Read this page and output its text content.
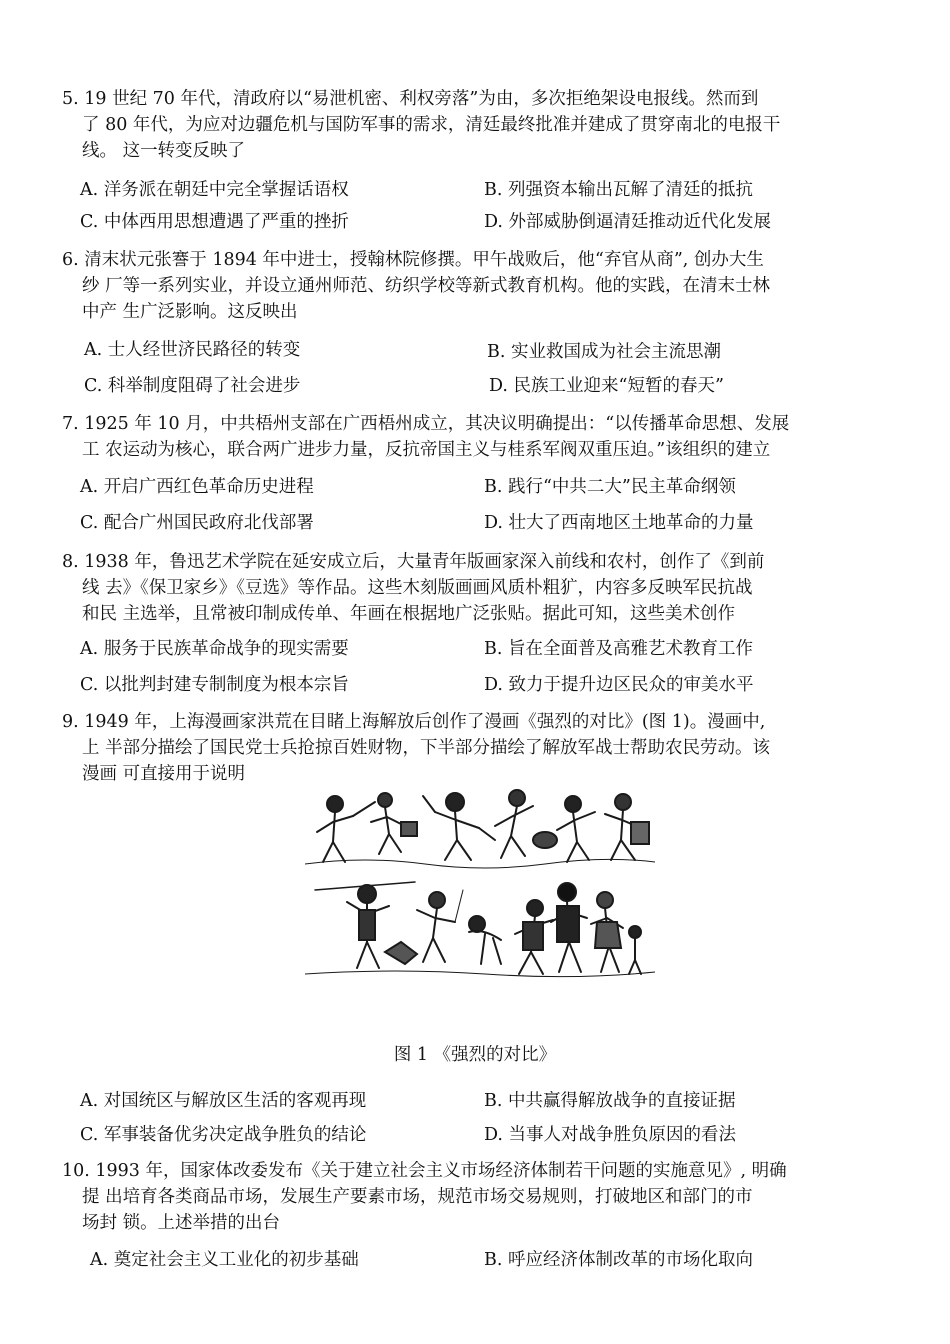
5. 19 世纪 70 年代，清政府以“易泄机密、利权旁落”为由，多次拒绝架设电报线。然而到
了 80 年代，为应对边疆危机与国防军事的需求，清廷最终批准并建成了贯穿南北的电报干
线。 这一转变反映了
A. 洋务派在朝廷中完全掌握话语权	B. 列强资本输出瓦解了清廷的抵抗
C. 中体西用思想遭遇了严重的挫折	D. 外部威胁倒逼清廷推动近代化发展
6. 清末状元张謇于 1894 年中进士，授翰林院修撰。甲午战败后，他“弃官从商”, 创办大生
纱 厂等一系列实业，并设立通州师范、纺织学校等新式教育机构。他的实践，在清末士林
中产 生广泛影响。这反映出
A. 士人经世济民路径的转变	B. 实业救国成为社会主流思潮
C. 科举制度阻碍了社会进步	D. 民族工业迎来“短暂的春天”
7. 1925 年 10 月，中共梧州支部在广西梧州成立，其决议明确提出：“以传播革命思想、发展
工 农运动为核心，联合两广进步力量，反抗帝国主义与桂系军阀双重压迫。”该组织的建立
A. 开启广西红色革命历史进程	B. 践行“中共二大”民主革命纲领
C. 配合广州国民政府北伐部署	D. 壮大了西南地区土地革命的力量
8. 1938 年，鲁迅艺术学院在延安成立后，大量青年版画家深入前线和农村，创作了《到前
线 去》《保卫家乡》《豆选》等作品。这些木刻版画画风质朴粗犷，内容多反映军民抗战
和民 主选举，且常被印制成传单、年画在根据地广泛张贴。据此可知，这些美术创作
A. 服务于民族革命战争的现实需要	B. 旨在全面普及高雅艺术教育工作
C. 以批判封建专制制度为根本宗旨	D. 致力于提升边区民众的审美水平
9. 1949 年，上海漫画家洪荒在目睹上海解放后创作了漫画《强烈的对比》(图 1)。漫画中,
上 半部分描绘了国民党士兵抢掠百姓财物，下半部分描绘了解放军战士帮助农民劳动。该
漫画 可直接用于说明
图 1 《强烈的对比》
A. 对国统区与解放区生活的客观再现	B. 中共赢得解放战争的直接证据
C. 军事装备优劣决定战争胜负的结论	D. 当事人对战争胜负原因的看法
10. 1993 年，国家体改委发布《关于建立社会主义市场经济体制若干问题的实施意见》, 明确
提 出培育各类商品市场，发展生产要素市场，规范市场交易规则，打破地区和部门的市
场封 锁。上述举措的出台
A. 奠定社会主义工业化的初步基础	B. 呼应经济体制改革的市场化取向
